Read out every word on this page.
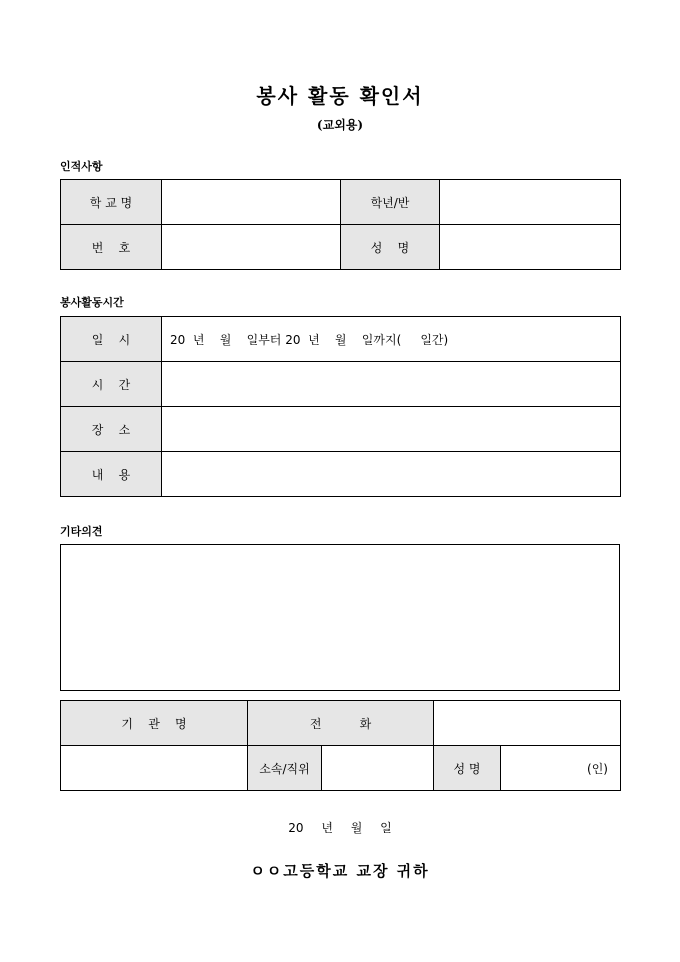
봉사 활동 확인서
(교외용)
인적사항
학 교 명		학년/반	
번    호		성    명	
봉사활동시간
일    시	20  년    월    일부터 20  년    월    일까지(     일간)
시    간	
장    소	
내    용	
기타의견
기    관    명	전          화			
	소속/직위		성 명	(인)
20 년 월 일
ㅇㅇ고등학교 교장 귀하
